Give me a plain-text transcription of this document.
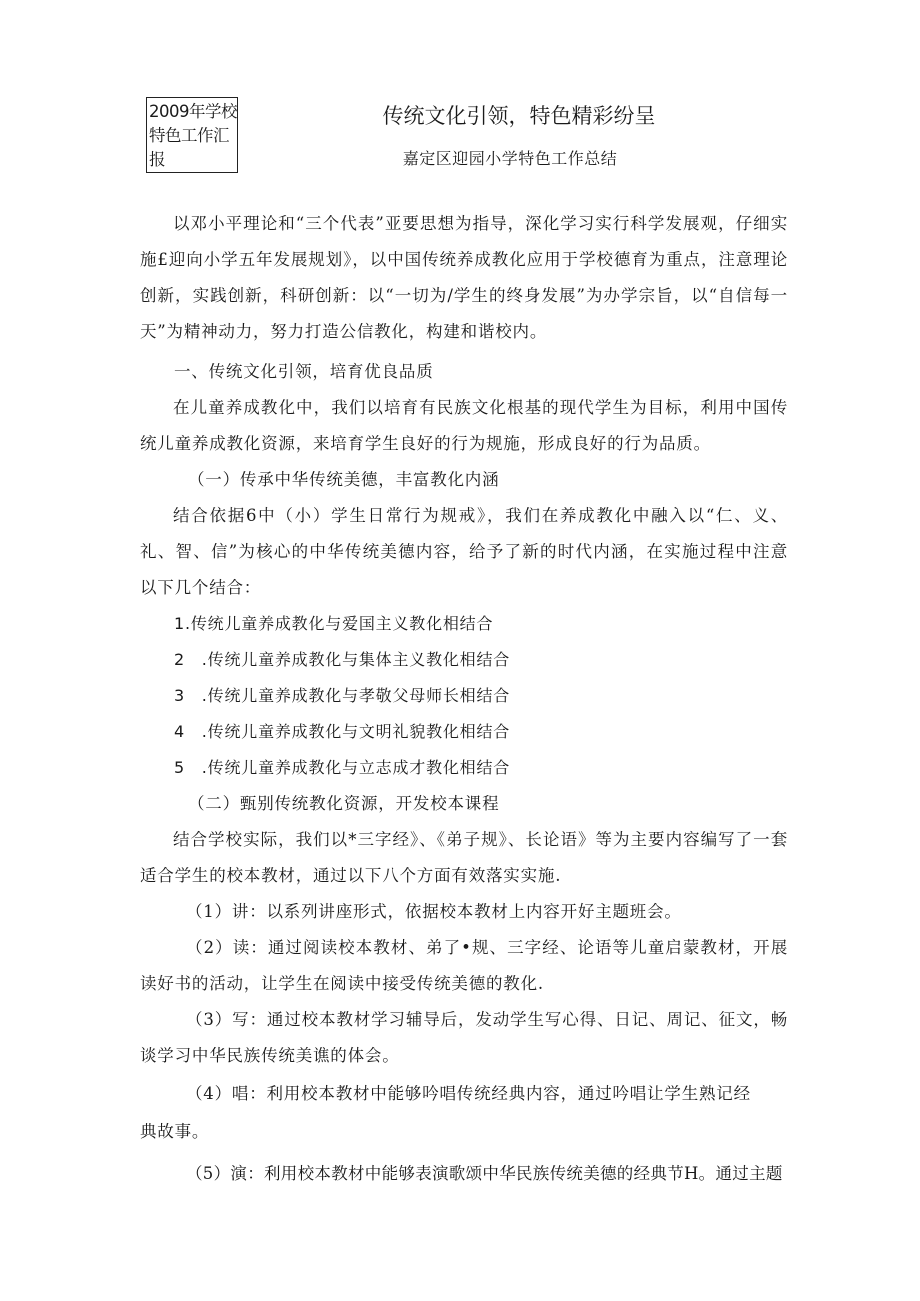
2009年学校
特色工作汇
报
传统文化引领，特色精彩纷呈
嘉定区迎园小学特色工作总结

以邓小平理论和“三个代表”亚要思想为指导，深化学习实行科学发展观，仔细实施£迎向小学五年发展规划》，以中国传统养成教化应用于学校德育为重点，注意理论创新，实践创新，科研创新：以“一切为/学生的终身发展”为办学宗旨，以“自信每一天”为精神动力，努力打造公信教化，构建和谐校内。

一、传统文化引领，培育优良品质

在儿童养成教化中，我们以培育有民族文化根基的现代学生为目标，利用中国传统儿童养成教化资源，来培育学生良好的行为规施，形成良好的行为品质。

（一）传承中华传统美德，丰富教化内涵

结合依据6中（小）学生日常行为规戒》，我们在养成教化中融入以“仁、义、礼、智、信”为核心的中华传统美德内容，给予了新的时代内涵，在实施过程中注意以下几个结合：

1.传统儿童养成教化与爱国主义教化相结合

2　.传统儿童养成教化与集体主义教化相结合

3　.传统儿童养成教化与孝敬父母师长相结合

4　.传统儿童养成教化与文明礼貌教化相结合

5　.传统儿童养成教化与立志成才教化相结合

（二）甄别传统教化资源，开发校本课程

结合学校实际，我们以*三字经》、《弟子规》、长论语》等为主要内容编写了一套适合学生的校本教材，通过以下八个方面有效落实实施.

（1）讲：以系列讲座形式，依据校本教材上内容开好主题班会。

（2）读：通过阅读校本教材、弟了•规、三字经、论语等儿童启蒙教材，开展读好书的活动，让学生在阅读中接受传统美德的教化.

（3）写：通过校本教材学习辅导后，发动学生写心得、日记、周记、征文，畅谈学习中华民族传统美谯的体会。

（4）唱：利用校本教材中能够吟唱传统经典内容，通过吟唱让学生熟记经

典故事。

（5）演：利用校本教材中能够表演歌颂中华民族传统美德的经典节H。通过主题
